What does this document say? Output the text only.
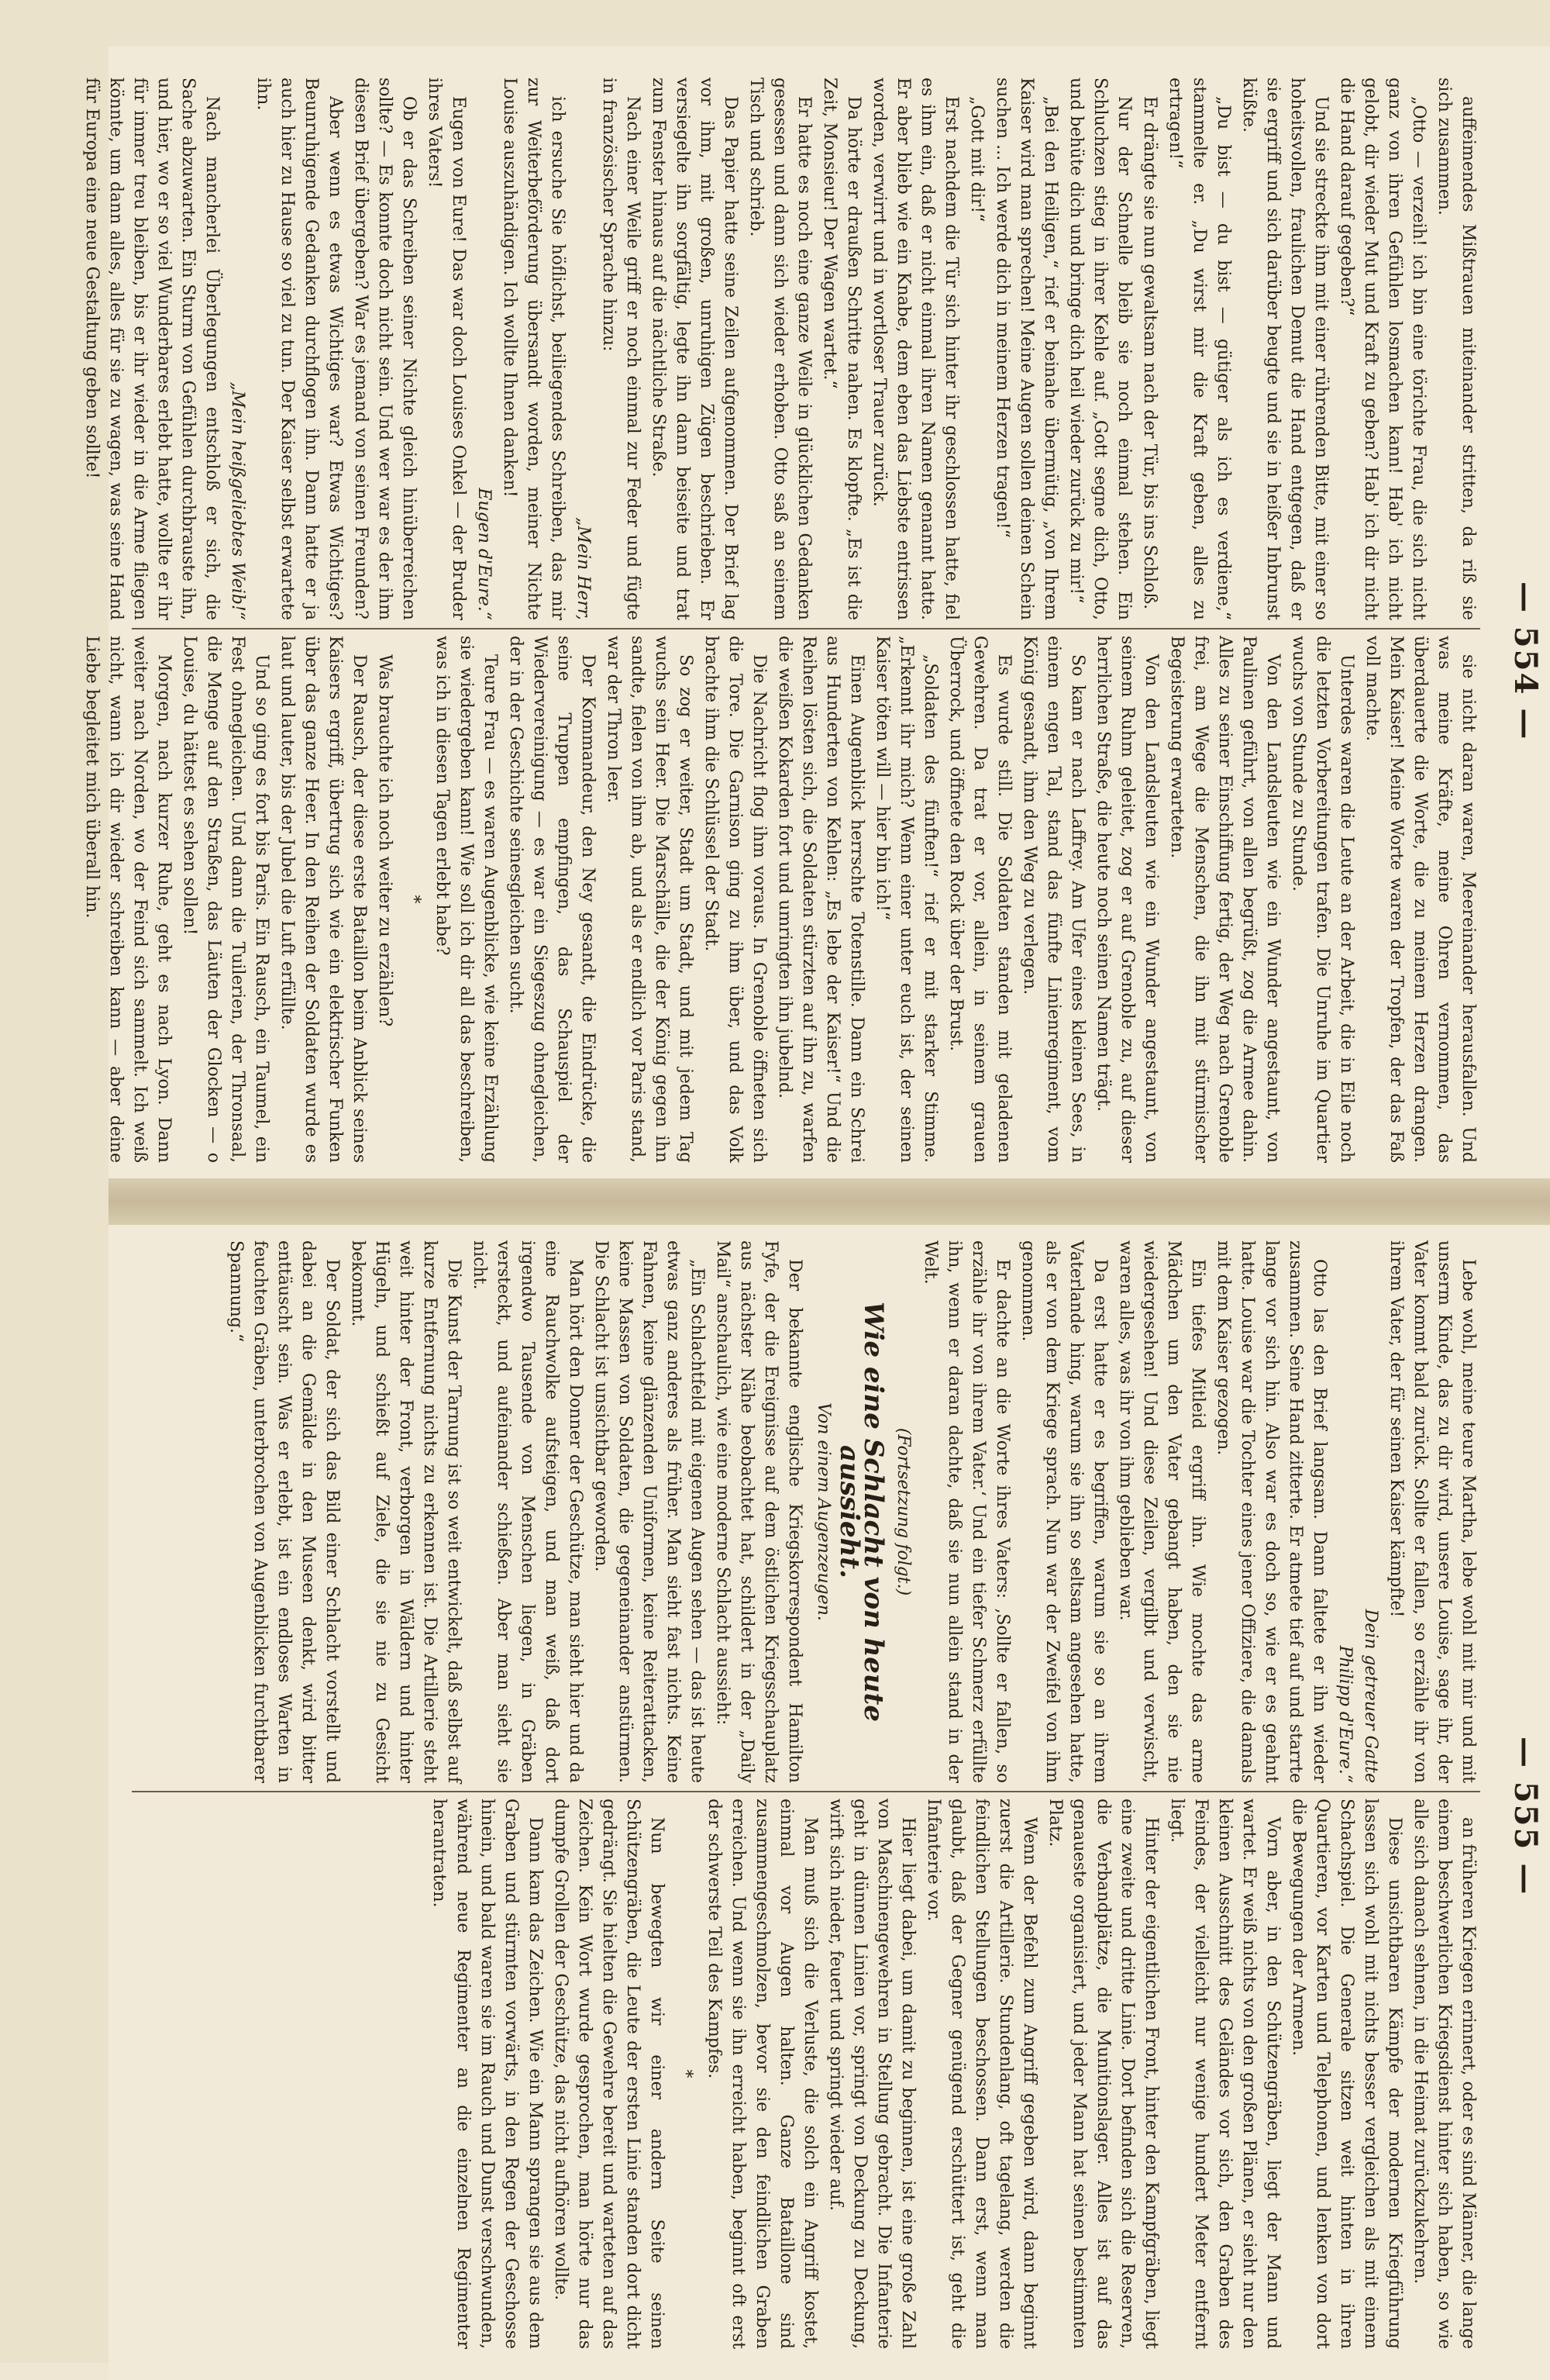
— 554 —
— 555 —

auffeimendes Mißtrauen miteinander stritten, da riß sie sich zusammen.

„Otto — verzeih! ich bin eine törichte Frau, die sich nicht ganz von ihren Gefühlen losmachen kann! Hab' ich nicht gelobt, dir wieder Mut und Kraft zu geben? Hab' ich dir nicht die Hand darauf gegeben?“

Und sie streckte ihm mit einer rührenden Bitte, mit einer so hoheitsvollen, fraulichen Demut die Hand entgegen, daß er sie ergriff und sich darüber beugte und sie in heißer Inbrunst küßte.

„Du bist — du bist — gütiger als ich es verdiene,“ stammelte er. „Du wirst mir die Kraft geben, alles zu ertragen!“

Er drängte sie nun gewaltsam nach der Tür, bis ins Schloß.

Nur der Schnelle bleib sie noch einmal stehen. Ein Schluchzen stieg in ihrer Kehle auf. „Gott segne dich, Otto, und behüte dich und bringe dich heil wieder zurück zu mir!“

„Bei den Heiligen,“ rief er beinahe übermütig, „von Ihrem Kaiser wird man sprechen! Meine Augen sollen deinen Schein suchen ... Ich werde dich in meinem Herzen tragen!“

„Gott mit dir!“

Erst nachdem die Tür sich hinter ihr geschlossen hatte, fiel es ihm ein, daß er nicht einmal ihren Namen genannt hatte. Er aber blieb wie ein Knabe, dem eben das Liebste entrissen worden, verwirrt und in wortloser Trauer zurück.

Da hörte er draußen Schritte nahen. Es klopfte. „Es ist die Zeit, Monsieur! Der Wagen wartet.“

Er hatte es noch eine ganze Weile in glücklichen Gedanken gesessen und dann sich wieder erhoben. Otto saß an seinem Tisch und schrieb.

Das Papier hatte seine Zeilen aufgenommen. Der Brief lag vor ihm, mit großen, unruhigen Zügen beschrieben. Er versiegelte ihn sorgfältig, legte ihn dann beiseite und trat zum Fenster hinaus auf die nächtliche Straße.

Nach einer Weile griff er noch einmal zur Feder und fügte in französischer Sprache hinzu:

„Mein Herr,

ich ersuche Sie höflichst, beiliegendes Schreiben, das mir zur Weiterbeförderung übersandt worden, meiner Nichte Louise auszuhändigen. Ich wollte Ihnen danken!

Eugen d'Eure.“

Eugen von Eure! Das war doch Louises Onkel — der Bruder ihres Vaters!

Ob er das Schreiben seiner Nichte gleich hinüberreichen sollte? — Es konnte doch nicht sein. Und wer war es der ihm diesen Brief übergeben? War es jemand von seinen Freunden?

Aber wenn es etwas Wichtiges war? Etwas Wichtiges? Beunruhigende Gedanken durchflogen ihn. Dann hatte er ja auch hier zu Hause so viel zu tun. Der Kaiser selbst erwartete ihn.

„Mein heißgeliebtes Weib!“

Nach mancherlei Überlegungen entschloß er sich, die Sache abzuwarten. Ein Sturm von Gefühlen durchbrauste ihn, und hier, wo er so viel Wunderbares erlebt hatte, wollte er ihr für immer treu bleiben, bis er ihr wieder in die Arme fliegen könnte, um dann alles, alles für sie zu wagen, was seine Hand für Europa eine neue Gestaltung geben sollte!

sie nicht daran waren, Meereinander herausfallen. Und was meine Kräfte, meine Ohren vernommen, das überdauerte die Worte, die zu meinem Herzen drangen. Mein Kaiser! Meine Worte waren der Tropfen, der das Faß voll machte.

Unterdes waren die Leute an der Arbeit, die in Eile noch die letzten Vorbereitungen trafen. Die Unruhe im Quartier wuchs von Stunde zu Stunde.

Von den Landsleuten wie ein Wunder angestaunt, von Paulinen geführt, von allen begrüßt, zog die Armee dahin. Alles zu seiner Einschiffung fertig, der Weg nach Grenoble frei, am Wege die Menschen, die ihn mit stürmischer Begeisterung erwarteten.

Von den Landsleuten wie ein Wunder angestaunt, von seinem Ruhm geleitet, zog er auf Grenoble zu, auf dieser herrlichen Straße, die heute noch seinen Namen trägt.

So kam er nach Laffrey. Am Ufer eines kleinen Sees, in einem engen Tal, stand das fünfte Linienregiment, vom König gesandt, ihm den Weg zu verlegen.

Es wurde still. Die Soldaten standen mit geladenen Gewehren. Da trat er vor, allein, in seinem grauen Überrock, und öffnete den Rock über der Brust.

„Soldaten des fünften!“ rief er mit starker Stimme. „Erkennt ihr mich? Wenn einer unter euch ist, der seinen Kaiser töten will — hier bin ich!“

Einen Augenblick herrschte Totenstille. Dann ein Schrei aus Hunderten von Kehlen: „Es lebe der Kaiser!“ Und die Reihen lösten sich, die Soldaten stürzten auf ihn zu, warfen die weißen Kokarden fort und umringten ihn jubelnd.

Die Nachricht flog ihm voraus. In Grenoble öffneten sich die Tore. Die Garnison ging zu ihm über, und das Volk brachte ihm die Schlüssel der Stadt.

So zog er weiter, Stadt um Stadt, und mit jedem Tag wuchs sein Heer. Die Marschälle, die der König gegen ihn sandte, fielen von ihm ab, und als er endlich vor Paris stand, war der Thron leer.

Der Kommandeur, den Ney gesandt, die Eindrücke, die seine Truppen empfingen, das Schauspiel der Wiedervereinigung — es war ein Siegeszug ohnegleichen, der in der Geschichte seinesgleichen sucht.

Teure Frau — es waren Augenblicke, wie keine Erzählung sie wiedergeben kann! Wie soll ich dir all das beschreiben, was ich in diesen Tagen erlebt habe?

*

Was brauchte ich noch weiter zu erzählen?

Der Rausch, der diese erste Bataillon beim Anblick seines Kaisers ergriff, übertrug sich wie ein elektrischer Funken über das ganze Heer. In den Reihen der Soldaten wurde es laut und lauter, bis der Jubel die Luft erfüllte.

Und so ging es fort bis Paris. Ein Rausch, ein Taumel, ein Fest ohnegleichen. Und dann die Tuilerien, der Thronsaal, die Menge auf den Straßen, das Läuten der Glocken — o Louise, du hättest es sehen sollen!

Morgen, nach kurzer Ruhe, geht es nach Lyon. Dann weiter nach Norden, wo der Feind sich sammelt. Ich weiß nicht, wann ich dir wieder schreiben kann — aber deine Liebe begleitet mich überall hin.

Lebe wohl, meine teure Martha, lebe wohl mit mir und mit unserm Kinde, das zu dir wird, unsere Louise, sage ihr, der Vater kommt bald zurück. Sollte er fallen, so erzähle ihr von ihrem Vater, der für seinen Kaiser kämpfte!

Dein getreuer Gatte

Philipp d'Eure.“

Otto las den Brief langsam. Dann faltete er ihn wieder zusammen. Seine Hand zitterte. Er atmete tief auf und starrte lange vor sich hin. Also war es doch so, wie er es geahnt hatte. Louise war die Tochter eines jener Offiziere, die damals mit dem Kaiser gezogen.

Ein tiefes Mitleid ergriff ihn. Wie mochte das arme Mädchen um den Vater gebangt haben, den sie nie wiedergesehen! Und diese Zeilen, vergilbt und verwischt, waren alles, was ihr von ihm geblieben war.

Da erst hatte er es begriffen, warum sie so an ihrem Vaterlande hing, warum sie ihn so seltsam angesehen hatte, als er von dem Kriege sprach. Nun war der Zweifel von ihm genommen.

Er dachte an die Worte ihres Vaters: ‚Sollte er fallen, so erzähle ihr von ihrem Vater.‘ Und ein tiefer Schmerz erfüllte ihn, wenn er daran dachte, daß sie nun allein stand in der Welt.

(Fortsetzung folgt.)
Wie eine Schlacht von heute aussieht.
Von einem Augenzeugen.

Der bekannte englische Kriegskorrespondent Hamilton Fyfe, der die Ereignisse auf dem östlichen Kriegsschauplatz aus nächster Nähe beobachtet hat, schildert in der „Daily Mail“ anschaulich, wie eine moderne Schlacht aussieht:

„Ein Schlachtfeld mit eigenen Augen sehen — das ist heute etwas ganz anderes als früher. Man sieht fast nichts. Keine Fahnen, keine glänzenden Uniformen, keine Reiterattacken, keine Massen von Soldaten, die gegeneinander anstürmen. Die Schlacht ist unsichtbar geworden.

Man hört den Donner der Geschütze, man sieht hier und da eine Rauchwolke aufsteigen, und man weiß, daß dort irgendwo Tausende von Menschen liegen, in Gräben versteckt, und aufeinander schießen. Aber man sieht sie nicht.

Die Kunst der Tarnung ist so weit entwickelt, daß selbst auf kurze Entfernung nichts zu erkennen ist. Die Artillerie steht weit hinter der Front, verborgen in Wäldern und hinter Hügeln, und schießt auf Ziele, die sie nie zu Gesicht bekommt.

Der Soldat, der sich das Bild einer Schlacht vorstellt und dabei an die Gemälde in den Museen denkt, wird bitter enttäuscht sein. Was er erlebt, ist ein endloses Warten in feuchten Gräben, unterbrochen von Augenblicken furchtbarer Spannung.“

an früheren Kriegen erinnert, oder es sind Männer, die lange einem beschwerlichen Kriegsdienst hinter sich haben, so wie alle sich danach sehnen, in die Heimat zurückzukehren.

Diese unsichtbaren Kämpfe der modernen Kriegführung lassen sich wohl mit nichts besser vergleichen als mit einem Schachspiel. Die Generale sitzen weit hinten in ihren Quartieren, vor Karten und Telephonen, und lenken von dort die Bewegungen der Armeen.

Vorn aber, in den Schützengräben, liegt der Mann und wartet. Er weiß nichts von den großen Plänen, er sieht nur den kleinen Ausschnitt des Geländes vor sich, den Graben des Feindes, der vielleicht nur wenige hundert Meter entfernt liegt.

Hinter der eigentlichen Front, hinter den Kampfgräben, liegt eine zweite und dritte Linie. Dort befinden sich die Reserven, die Verbandplätze, die Munitionslager. Alles ist auf das genaueste organisiert, und jeder Mann hat seinen bestimmten Platz.

Wenn der Befehl zum Angriff gegeben wird, dann beginnt zuerst die Artillerie. Stundenlang, oft tagelang, werden die feindlichen Stellungen beschossen. Dann erst, wenn man glaubt, daß der Gegner genügend erschüttert ist, geht die Infanterie vor.

Hier liegt dabei, um damit zu beginnen, ist eine große Zahl von Maschinengewehren in Stellung gebracht. Die Infanterie geht in dünnen Linien vor, springt von Deckung zu Deckung, wirft sich nieder, feuert und springt wieder auf.

Man muß sich die Verluste, die solch ein Angriff kostet, einmal vor Augen halten. Ganze Bataillone sind zusammengeschmolzen, bevor sie den feindlichen Graben erreichen. Und wenn sie ihn erreicht haben, beginnt oft erst der schwerste Teil des Kampfes.

*

Nun bewegten wir einer andern Seite seinen Schützengräben, die Leute der ersten Linie standen dort dicht gedrängt. Sie hielten die Gewehre bereit und warteten auf das Zeichen. Kein Wort wurde gesprochen, man hörte nur das dumpfe Grollen der Geschütze, das nicht aufhören wollte.

Dann kam das Zeichen. Wie ein Mann sprangen sie aus dem Graben und stürmten vorwärts, in den Regen der Geschosse hinein, und bald waren sie im Rauch und Dunst verschwunden, während neue Regimenter an die einzelnen Regimenter herantraten.
